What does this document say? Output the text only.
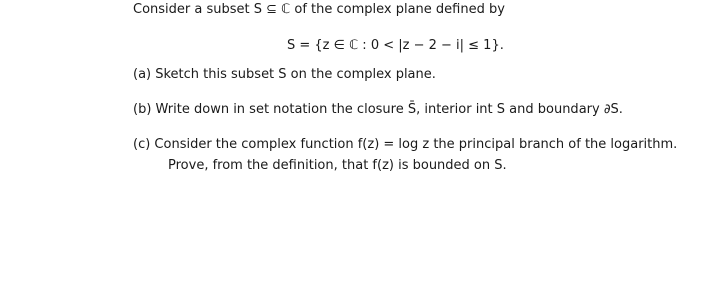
Consider a subset S ⊆ ℂ of the complex plane defined by
S = {z ∈ ℂ : 0 < |z − 2 − i| ≤ 1}.
(a) Sketch this subset S on the complex plane.
(b) Write down in set notation the closure S̄, interior int S and boundary ∂S.
(c) Consider the complex function f(z) = log z the principal branch of the logarithm.
Prove, from the definition, that f(z) is bounded on S.
